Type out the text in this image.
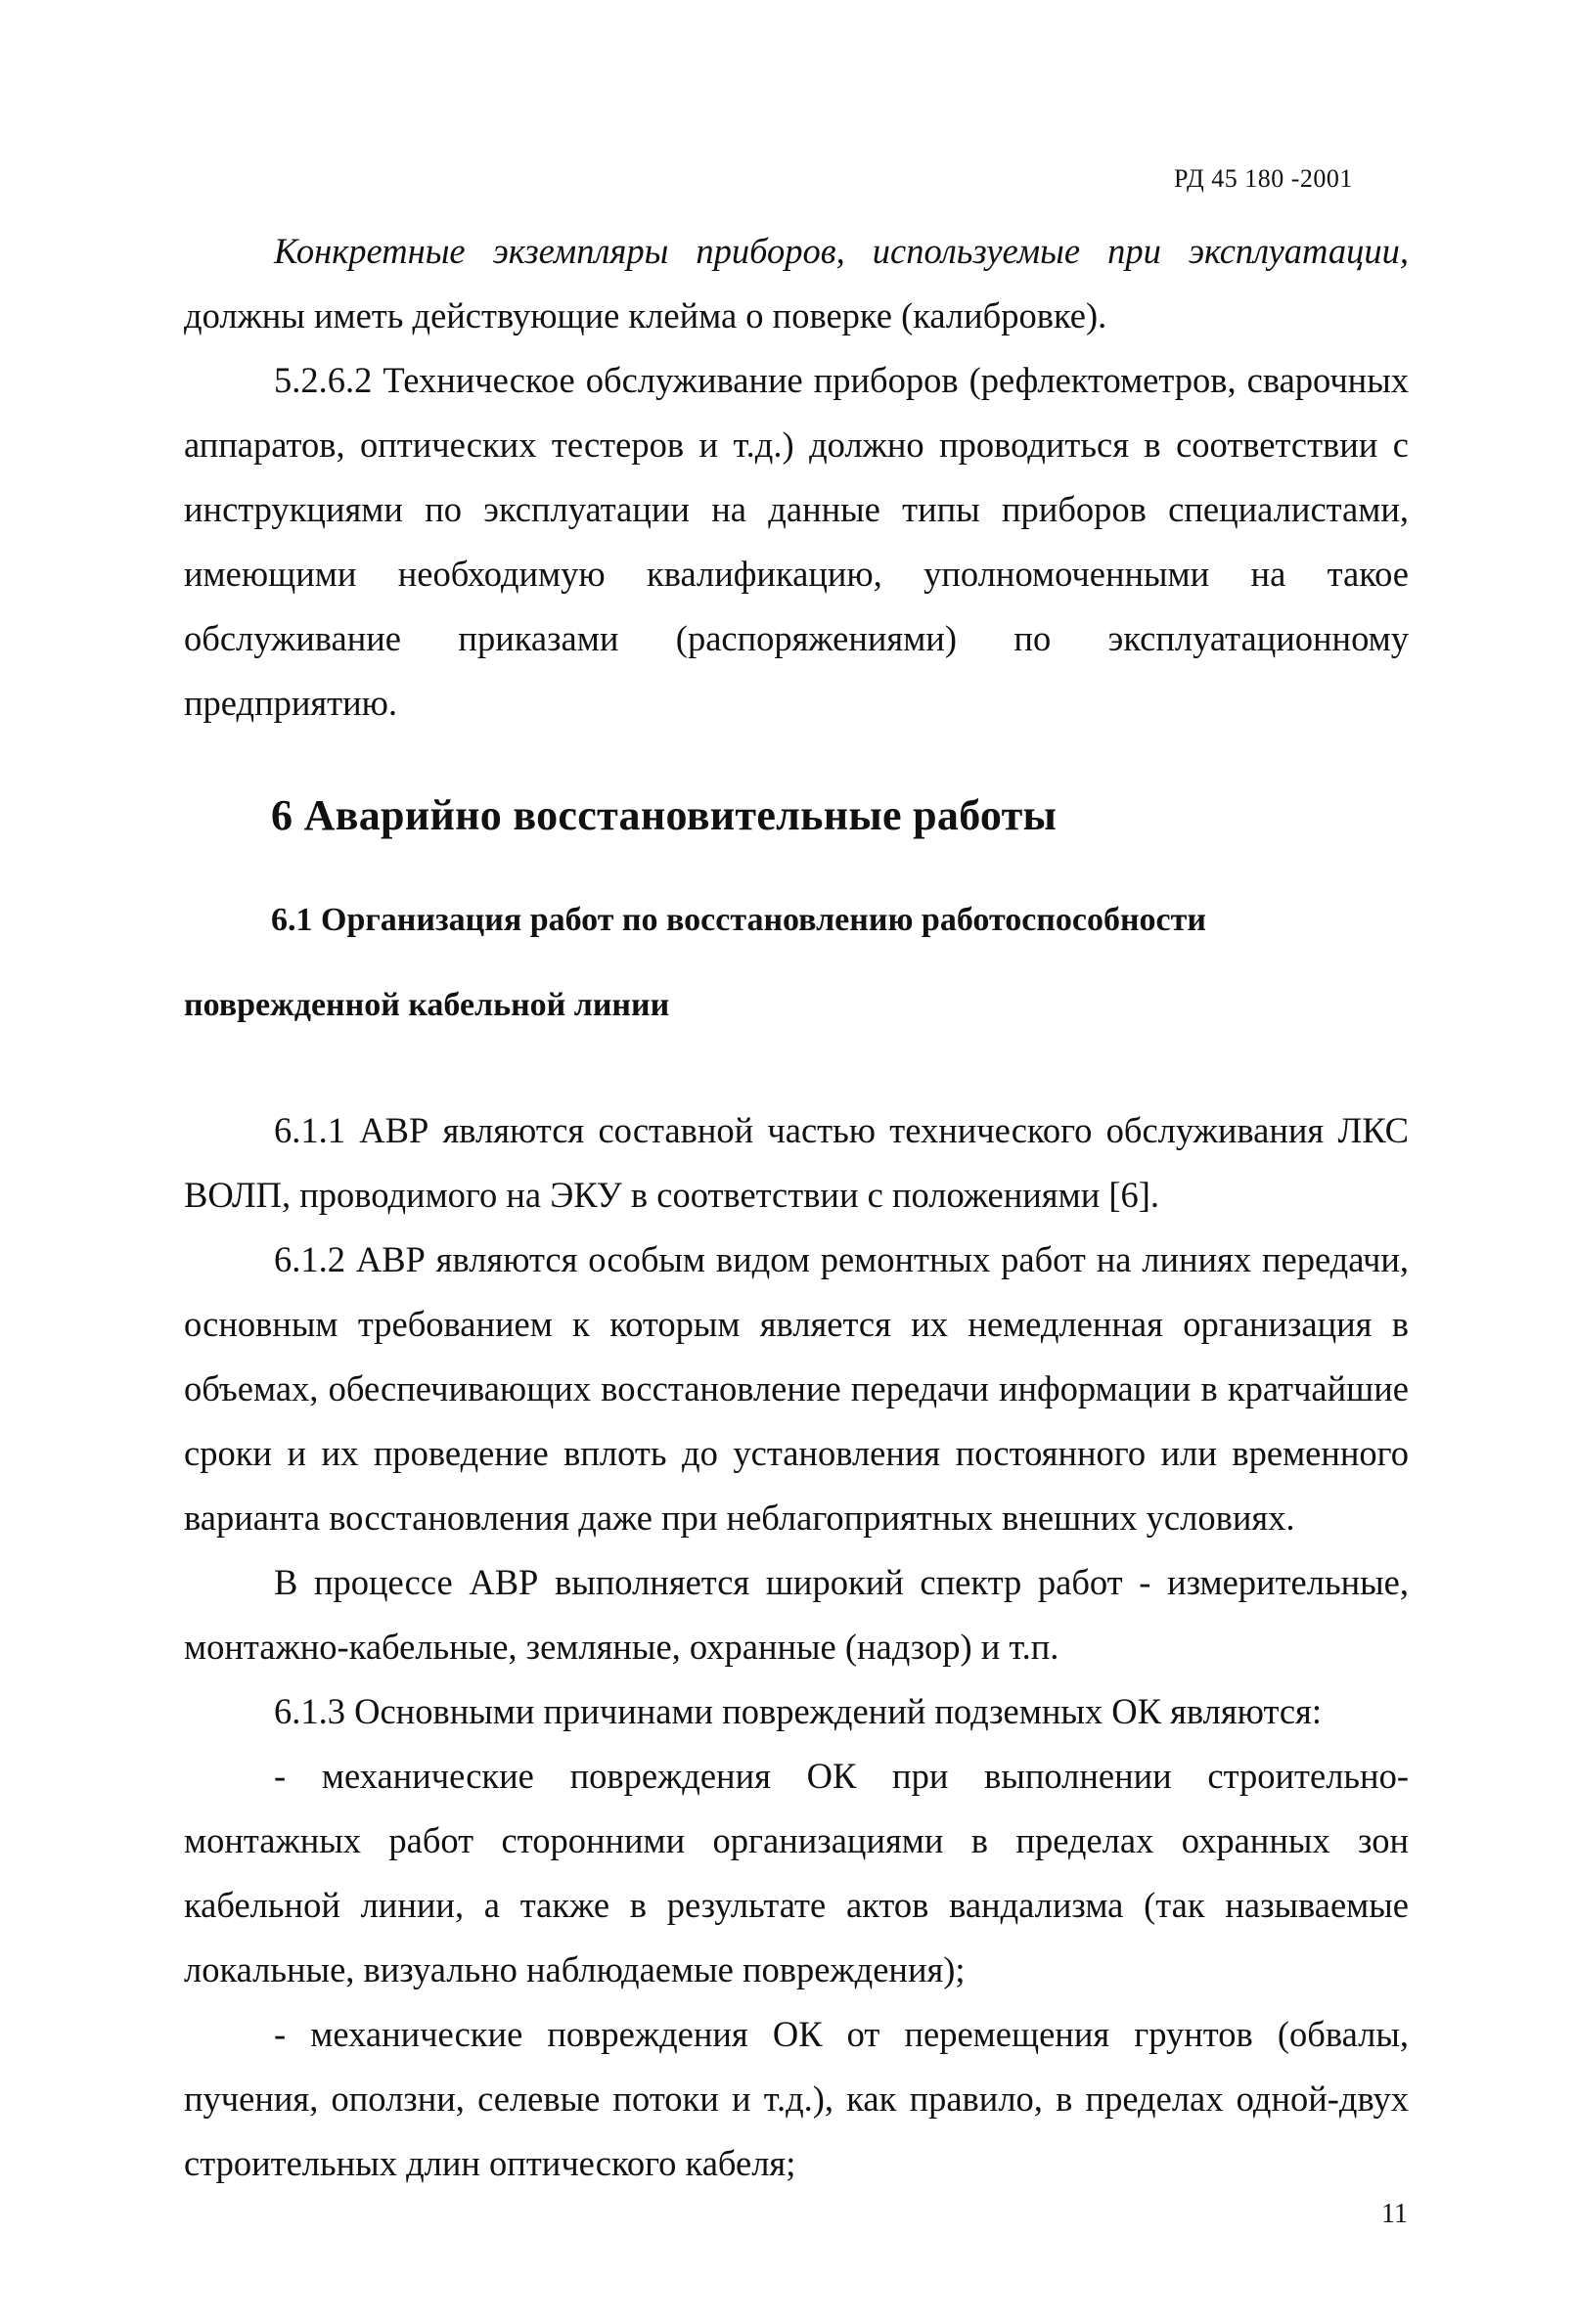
РД 45 180 -2001

Конкретные экземпляры приборов, используемые при эксплуатации, должны иметь действующие клейма о поверке (калибровке).

5.2.6.2 Техническое обслуживание приборов (рефлектометров, сварочных аппаратов, оптических тестеров и т.д.) должно проводиться в соответствии с инструкциями по эксплуатации на данные типы приборов специалистами, имеющими необходимую квалификацию, уполномоченными на такое обслуживание приказами (распоряжениями) по эксплуатационному предприятию.

6 Аварийно восстановительные работы
6.1 Организация работ по восстановлению работоспособности
поврежденной кабельной линии

6.1.1 АВР являются составной частью технического обслуживания ЛКС ВОЛП, проводимого на ЭКУ в соответствии с положениями [6].

6.1.2 АВР являются особым видом ремонтных работ на линиях передачи, основным требованием к которым является их немедленная организация в объемах, обеспечивающих восстановление передачи информации в кратчайшие сроки и их проведение вплоть до установления постоянного или временного варианта восстановления даже при неблагоприятных внешних условиях.

В процессе АВР выполняется широкий спектр работ - измерительные, монтажно-кабельные, земляные, охранные (надзор) и т.п.

6.1.3 Основными причинами повреждений подземных ОК являются:

- механические повреждения ОК при выполнении строительно-монтажных работ сторонними организациями в пределах охранных зон кабельной линии, а также в результате актов вандализма (так называемые локальные, визуально наблюдаемые повреждения);

- механические повреждения ОК от перемещения грунтов (обвалы, пучения, оползни, селевые потоки и т.д.), как правило, в пределах одной-двух строительных длин оптического кабеля;

11
